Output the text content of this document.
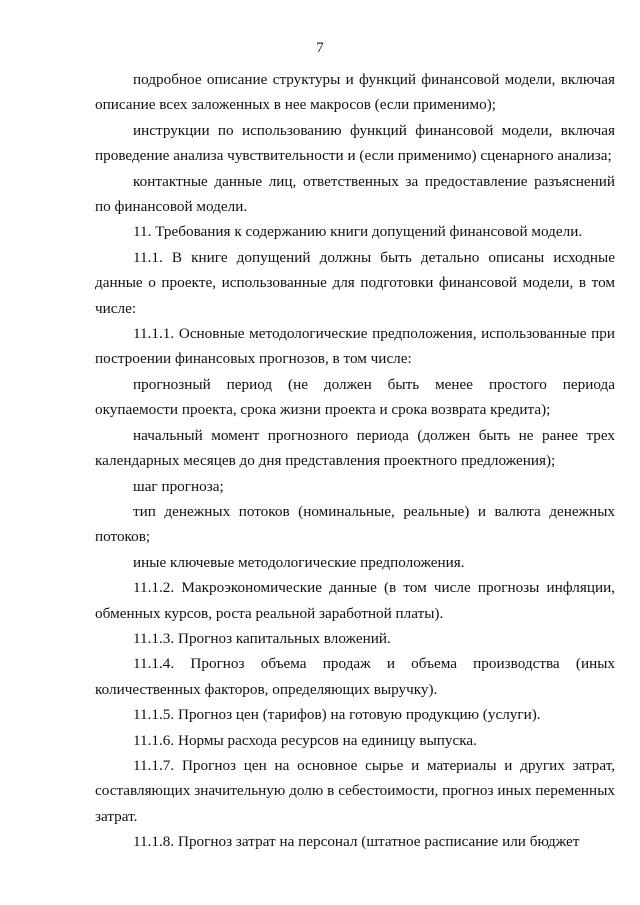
7

подробное описание структуры и функций финансовой модели, включая описание всех заложенных в нее макросов (если применимо);

инструкции по использованию функций финансовой модели, включая проведение анализа чувствительности и (если применимо) сценарного анализа;

контактные данные лиц, ответственных за предоставление разъяснений по финансовой модели.

11. Требования к содержанию книги допущений финансовой модели.

11.1. В книге допущений должны быть детально описаны исходные данные о проекте, использованные для подготовки финансовой модели, в том числе:

11.1.1. Основные методологические предположения, использованные при построении финансовых прогнозов, в том числе:

прогнозный период (не должен быть менее простого периода окупаемости проекта, срока жизни проекта и срока возврата кредита);

начальный момент прогнозного периода (должен быть не ранее трех календарных месяцев до дня представления проектного предложения);

шаг прогноза;

тип денежных потоков (номинальные, реальные) и валюта денежных потоков;

иные ключевые методологические предположения.

11.1.2. Макроэкономические данные (в том числе прогнозы инфляции, обменных курсов, роста реальной заработной платы).

11.1.3. Прогноз капитальных вложений.

11.1.4. Прогноз объема продаж и объема производства (иных количественных факторов, определяющих выручку).

11.1.5. Прогноз цен (тарифов) на готовую продукцию (услуги).

11.1.6. Нормы расхода ресурсов на единицу выпуска.

11.1.7. Прогноз цен на основное сырье и материалы и других затрат, составляющих значительную долю в себестоимости, прогноз иных переменных затрат.

11.1.8. Прогноз затрат на персонал (штатное расписание или бюджет
